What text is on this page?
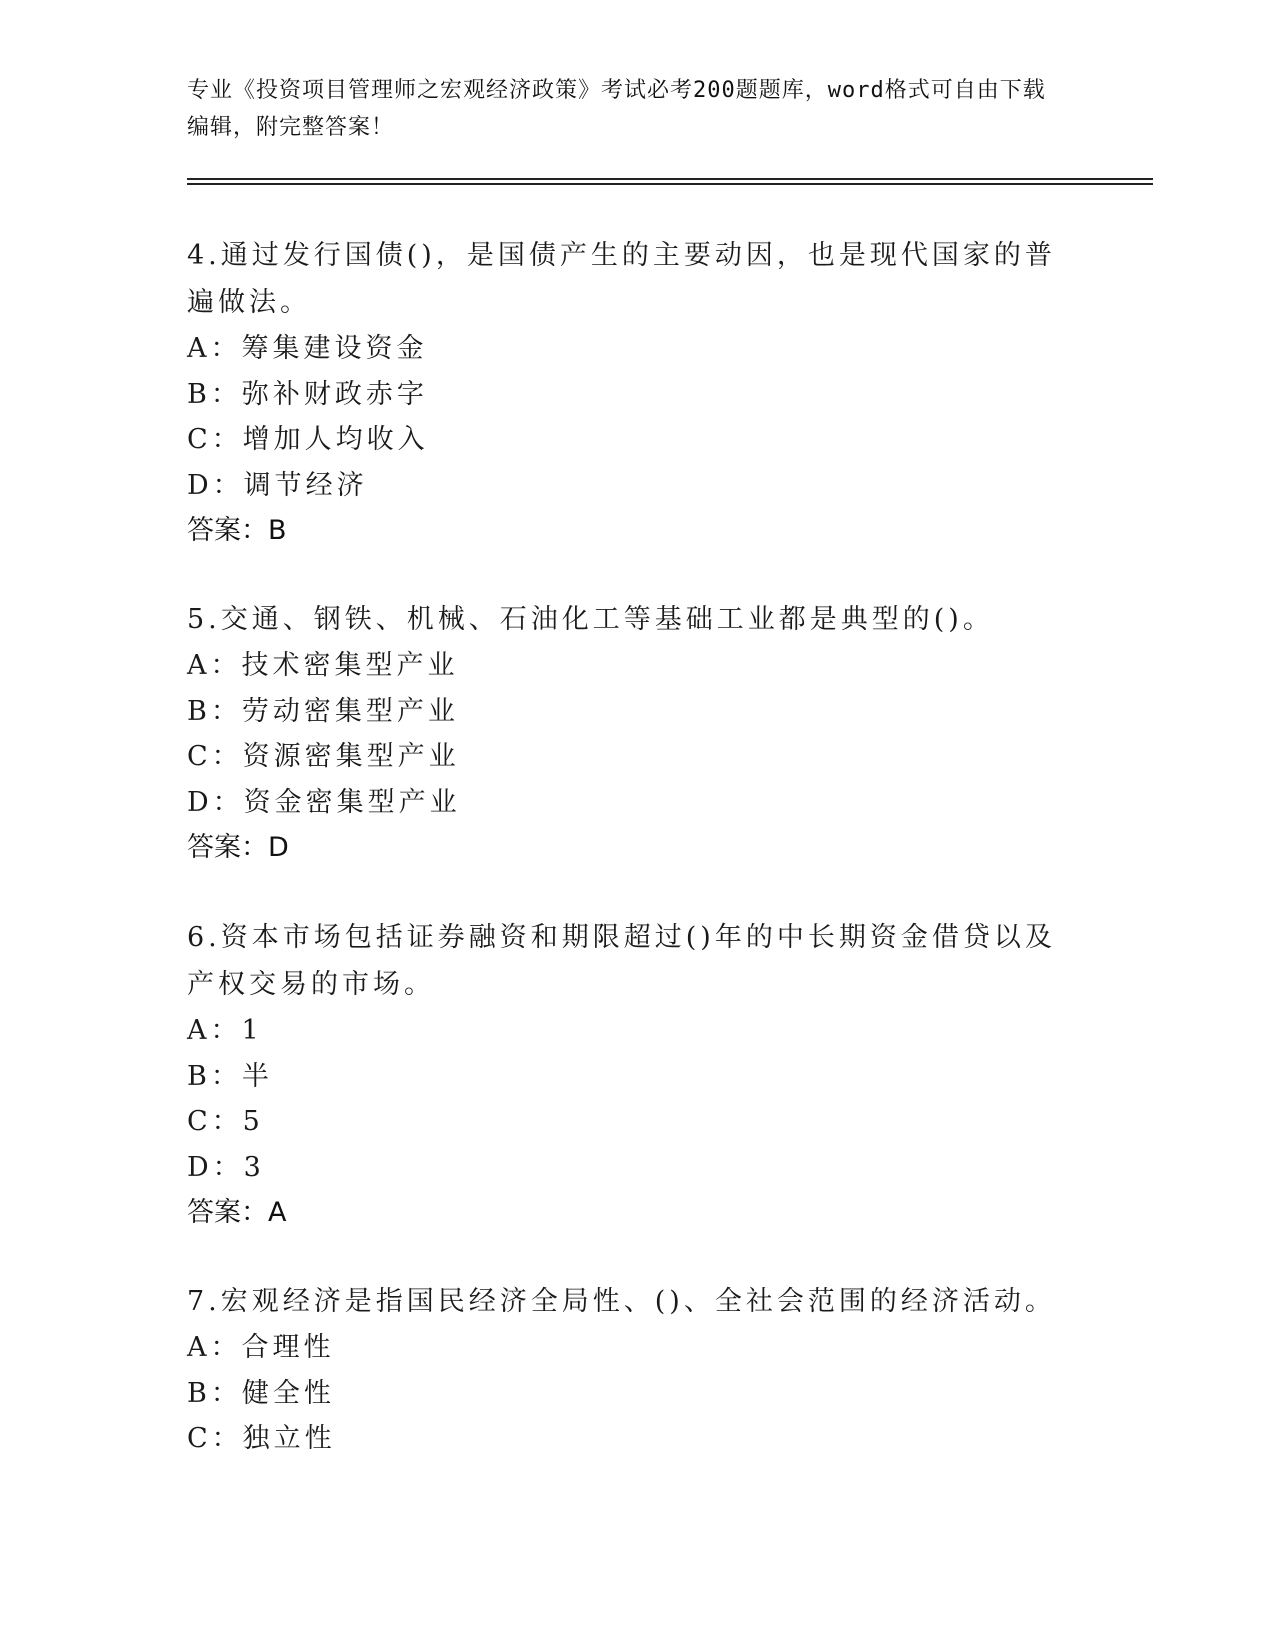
专业《投资项目管理师之宏观经济政策》考试必考200题题库，word格式可自由下载编辑，附完整答案！

4.通过发行国债()，是国债产生的主要动因，也是现代国家的普遍做法。

A：筹集建设资金

B：弥补财政赤字

C：增加人均收入

D：调节经济

答案：B

5.交通、钢铁、机械、石油化工等基础工业都是典型的()。

A：技术密集型产业

B：劳动密集型产业

C：资源密集型产业

D：资金密集型产业

答案：D

6.资本市场包括证券融资和期限超过()年的中长期资金借贷以及产权交易的市场。

A：1

B：半

C：5

D：3

答案：A

7.宏观经济是指国民经济全局性、()、全社会范围的经济活动。

A：合理性

B：健全性

C：独立性
